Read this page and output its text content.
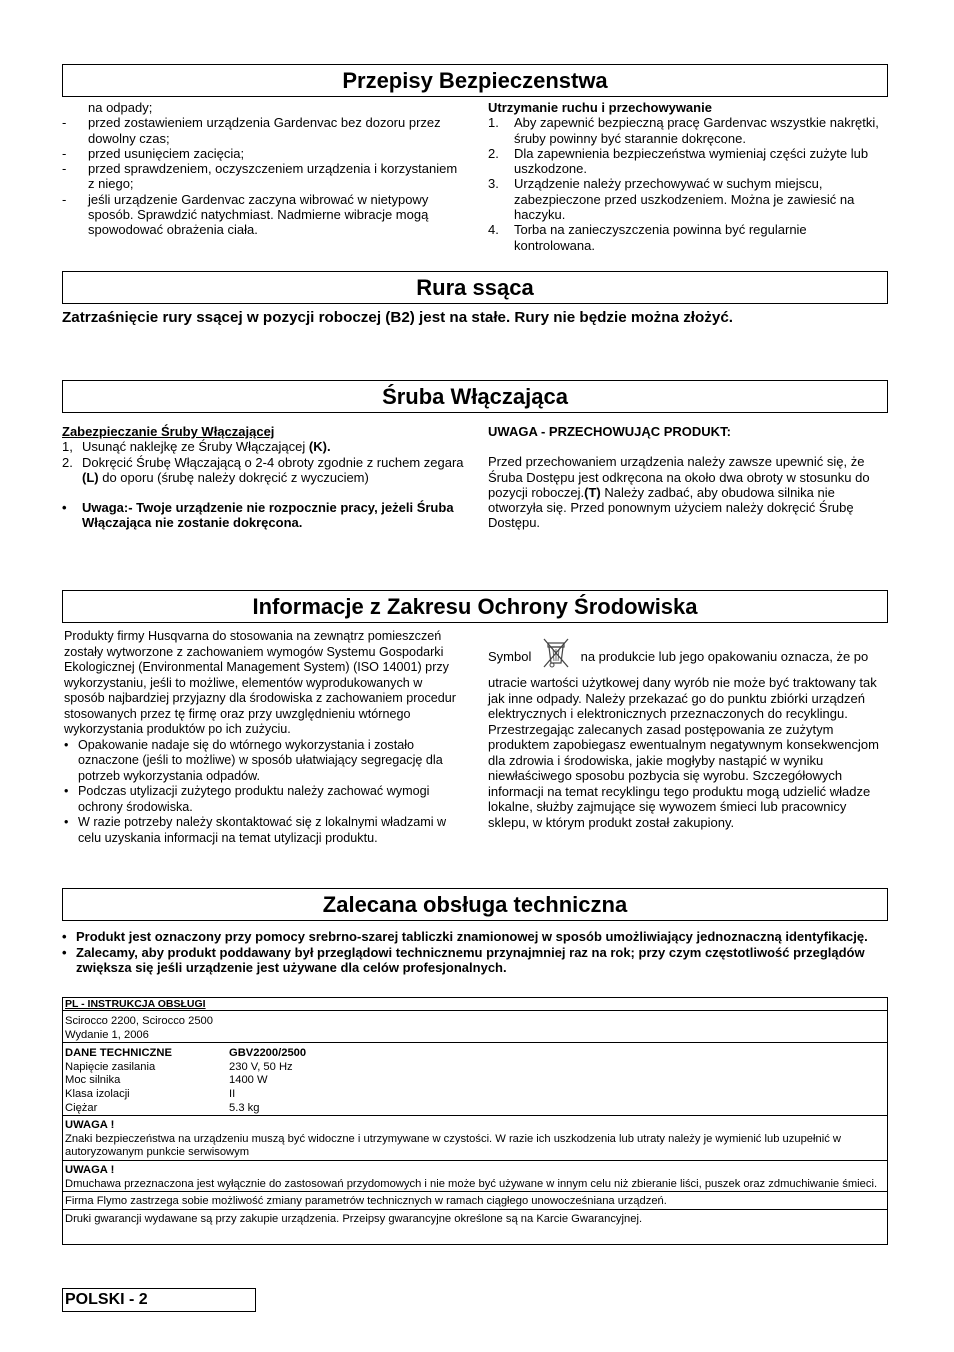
Przepisy Bezpieczenstwa
na odpady;
- przed zostawieniem urządzenia Gardenvac bez dozoru przez dowolny czas;
- przed usunięciem zacięcia;
- przed sprawdzeniem, oczyszczeniem urządzenia i korzystaniem z niego;
- jeśli urządzenie Gardenvac zaczyna wibrować w nietypowy sposób. Sprawdzić natychmiast. Nadmierne wibracje mogą spowodować obrażenia ciała.
Utrzymanie ruchu i przechowywanie
1. Aby zapewnić bezpieczną pracę Gardenvac wszystkie nakrętki, śruby powinny być starannie dokręcone.
2. Dla zapewnienia bezpieczeństwa wymieniaj części zużyte lub uszkodzone.
3. Urządzenie należy przechowywać w suchym miejscu, zabezpieczone przed uszkodzeniem. Można je zawiesić na haczyku.
4. Torba na zanieczyszczenia powinna być regularnie kontrolowana.
Rura ssąca
Zatrzaśnięcie rury ssącej w pozycji roboczej (B2) jest na stałe. Rury nie będzie można złożyć.
Śruba Włączająca
Zabezpieczanie Śruby Włączającej
1, Usunąć naklejkę ze Śruby Włączającej (K).
2. Dokręcić Śrubę Włączającą o 2-4 obroty zgodnie z ruchem zegara (L) do oporu (śrubę należy dokręcić z wyczuciem)
• Uwaga:- Twoje urządzenie nie rozpocznie pracy, jeżeli Śruba Włączająca nie zostanie dokręcona.
UWAGA - PRZECHOWUJĄC PRODUKT:
Przed przechowaniem urządzenia należy zawsze upewnić się, że Śruba Dostępu jest odkręcona na około dwa obroty w stosunku do pozycji roboczej.(T) Należy zadbać, aby obudowa silnika nie otworzyła się. Przed ponownym użyciem należy dokręcić Śrubę Dostępu.
Informacje z Zakresu Ochrony Środowiska
Produkty firmy Husqvarna do stosowania na zewnątrz pomieszczeń zostały wytworzone z zachowaniem wymogów Systemu Gospodarki Ekologicznej (Environmental Management System) (ISO 14001) przy wykorzystaniu, jeśli to możliwe, elementów wyprodukowanych w sposób najbardziej przyjazny dla środowiska z zachowaniem procedur stosowanych przez tę firmę oraz przy uwzględnieniu wtórnego wykorzystania produktów po ich zużyciu.
• Opakowanie nadaje się do wtórnego wykorzystania i zostało oznaczone (jeśli to możliwe) w sposób ułatwiający segregację dla potrzeb wykorzystania odpadów.
• Podczas utylizacji zużytego produktu należy zachować wymogi ochrony środowiska.
• W razie potrzeby należy skontaktować się z lokalnymi władzami w celu uzyskania informacji na temat utylizacji produktu.
Symbol	na produkcie lub jego opakowaniu oznacza, że po utracie wartości użytkowej dany wyrób nie może być traktowany tak jak inne odpady. Należy przekazać go do punktu zbiórki urządzeń elektrycznych i elektronicznych przeznaczonych do recyklingu. Przestrzegając zalecanych zasad postępowania ze zużytym produktem zapobiegasz ewentualnym negatywnym konsekwencjom dla zdrowia i środowiska, jakie mogłyby nastąpić w wyniku niewłaściwego sposobu pozbycia się wyrobu. Szczegółowych informacji na temat recyklingu tego produktu mogą udzielić władze lokalne, służby zajmujące się wywozem śmieci lub pracownicy sklepu, w którym produkt został zakupiony.
Zalecana obsługa techniczna
• Produkt jest oznaczony przy pomocy srebrno-szarej tabliczki znamionowej w sposób umożliwiający jednoznaczną identyfikację.
• Zalecamy, aby produkt poddawany był przeglądowi technicznemu przynajmniej raz na rok; przy czym częstotliwość przeglądów zwiększa się jeśli urządzenie jest używane dla celów profesjonalnych.
PL - INSTRUKCJA OBSŁUGI
Scirocco 2200, Scirocco 2500
Wydanie 1, 2006
DANE TECHNICZNE	GBV2200/2500
Napięcie zasilania	230 V, 50 Hz
Moc silnika	1400 W
Klasa izolacji	II
Ciężar	5.3 kg
UWAGA !
Znaki bezpieczeństwa na urządzeniu muszą być widoczne i utrzymywane w czystości. W razie ich uszkodzenia lub utraty należy je wymienić lub uzupełnić w autoryzowanym punkcie serwisowym
UWAGA !
Dmuchawa przeznaczona jest wyłącznie do zastosowań przydomowych i nie może być używane w innym celu niż zbieranie liści, puszek oraz zdmuchiwanie śmieci.
Firma Flymo zastrzega sobie możliwość zmiany parametrów technicznych w ramach ciągłego unowocześniana urządzeń.
Druki gwarancji wydawane są przy zakupie urządzenia. Przeipsy gwarancyjne określone są na Karcie Gwarancyjnej.
POLSKI - 2
